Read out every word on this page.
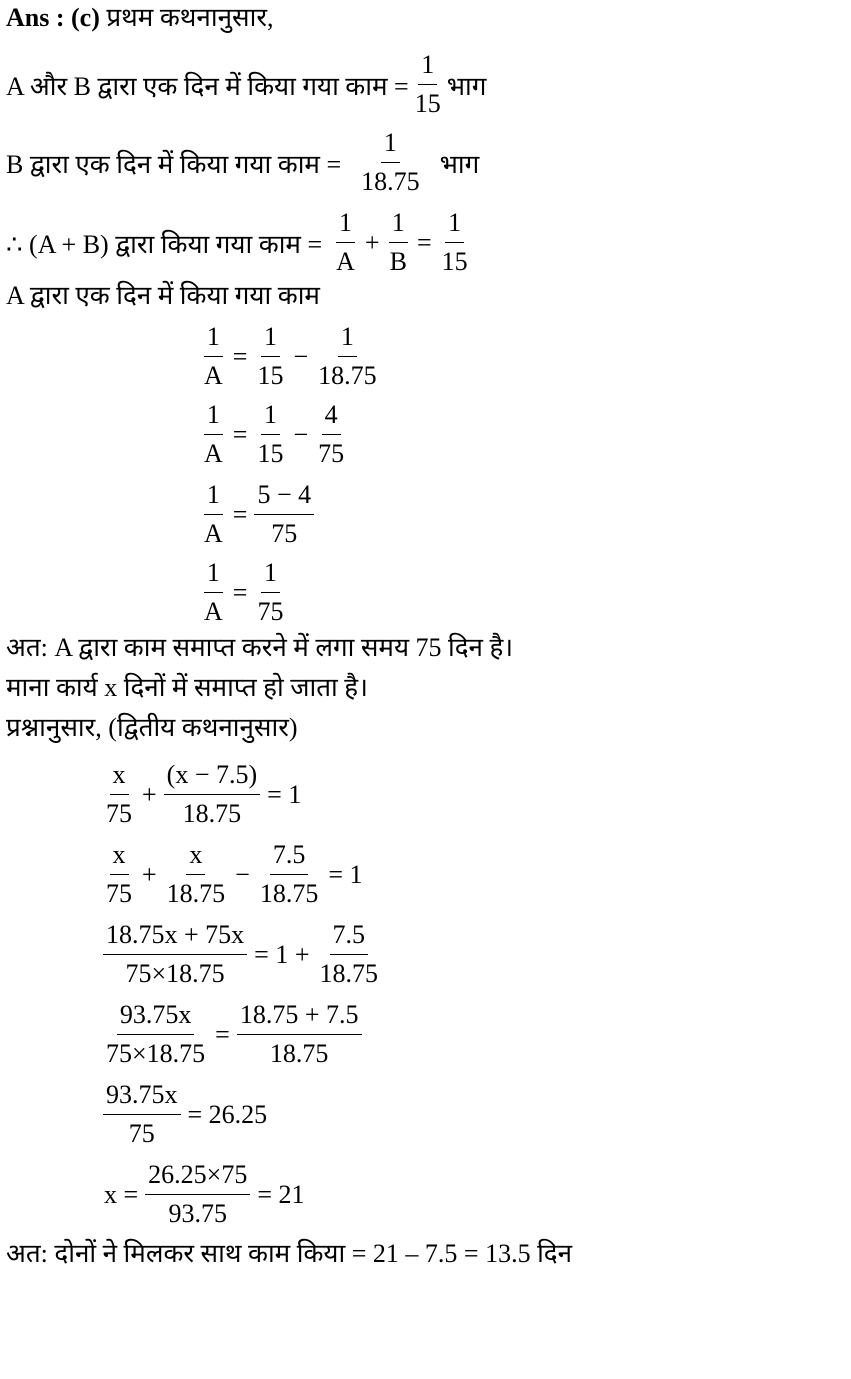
Ans : (c) प्रथम कथनानुसार,
A और B द्वारा एक दिन में किया गया काम = $\frac{1}{15}$ भाग
B द्वारा एक दिन में किया गया काम = $\frac{1}{18.75}$ भाग
∴ (A + B) द्वारा किया गया काम = $\frac{1}{A} + \frac{1}{B} = \frac{1}{15}$
A द्वारा एक दिन में किया गया काम
$\frac{1}{A} = \frac{1}{15} - \frac{1}{18.75}$
$\frac{1}{A} = \frac{1}{15} - \frac{4}{75}$
$\frac{1}{A} = \frac{5 - 4}{75}$
$\frac{1}{A} = \frac{1}{75}$
अत: A द्वारा काम समाप्त करने में लगा समय 75 दिन है।
माना कार्य x दिनों में समाप्त हो जाता है।
प्रश्नानुसार, (द्वितीय कथनानुसार)
$\frac{x}{75} + \frac{(x - 7.5)}{18.75} = 1$
$\frac{x}{75} + \frac{x}{18.75} - \frac{7.5}{18.75} = 1$
$\frac{18.75x + 75x}{75\times 18.75} = 1 + \frac{7.5}{18.75}$
$\frac{93.75x}{75\times 18.75} = \frac{18.75 + 7.5}{18.75}$
$\frac{93.75x}{75} = 26.25$
$x = \frac{26.25\times 75}{93.75} = 21$
अत: दोनों ने मिलकर साथ काम किया = 21 – 7.5 = 13.5 दिन
